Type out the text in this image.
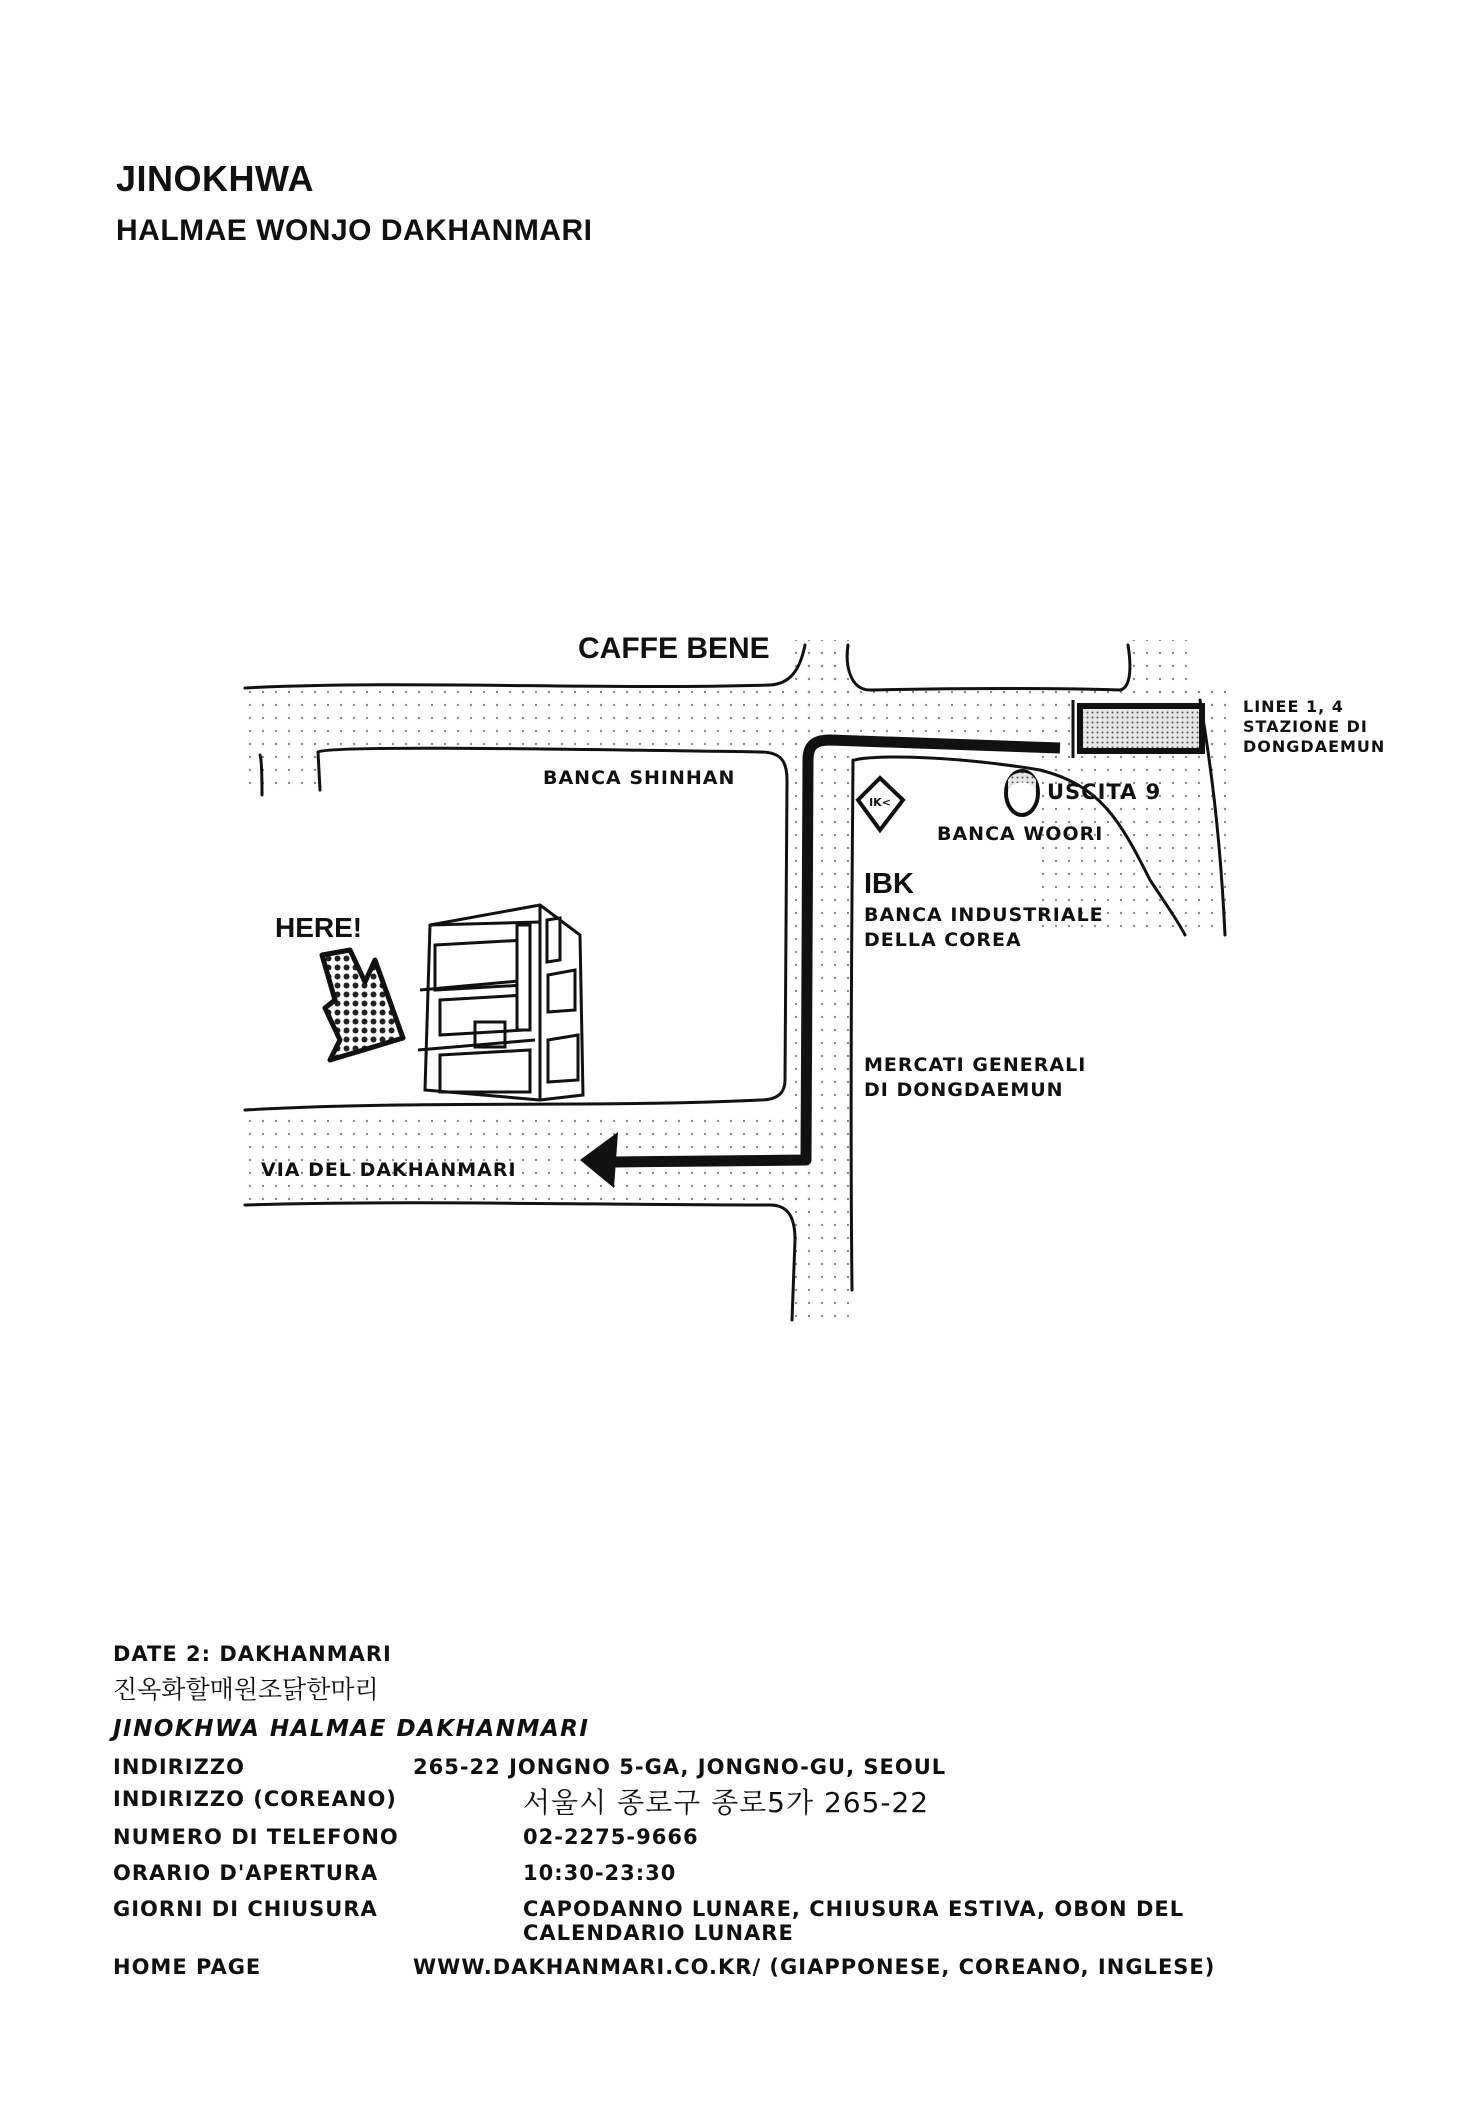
JINOKHWA
HALMAE WONJO DAKHANMARI
IK<
CAFFE BENE
BANCA SHINHAN
LINEE 1, 4
STAZIONE DI
DONGDAEMUN
USCITA 9
BANCA WOORI
IBK
BANCA INDUSTRIALE
DELLA COREA
HERE!
MERCATI GENERALI
DI DONGDAEMUN
VIA DEL DAKHANMARI
DATE 2: DAKHANMARI
진옥화할매원조닭한마리
JINOKHWA HALMAE DAKHANMARI
INDIRIZZO	265-22 JONGNO 5-GA, JONGNO-GU, SEOUL
INDIRIZZO (COREANO)	서울시 종로구 종로5가 265-22
NUMERO DI TELEFONO	02-2275-9666
ORARIO D'APERTURA	10:30-23:30
GIORNI DI CHIUSURA	CAPODANNO LUNARE, CHIUSURA ESTIVA, OBON DEL
CALENDARIO LUNARE
HOME PAGE	WWW.DAKHANMARI.CO.KR/ (GIAPPONESE, COREANO, INGLESE)
